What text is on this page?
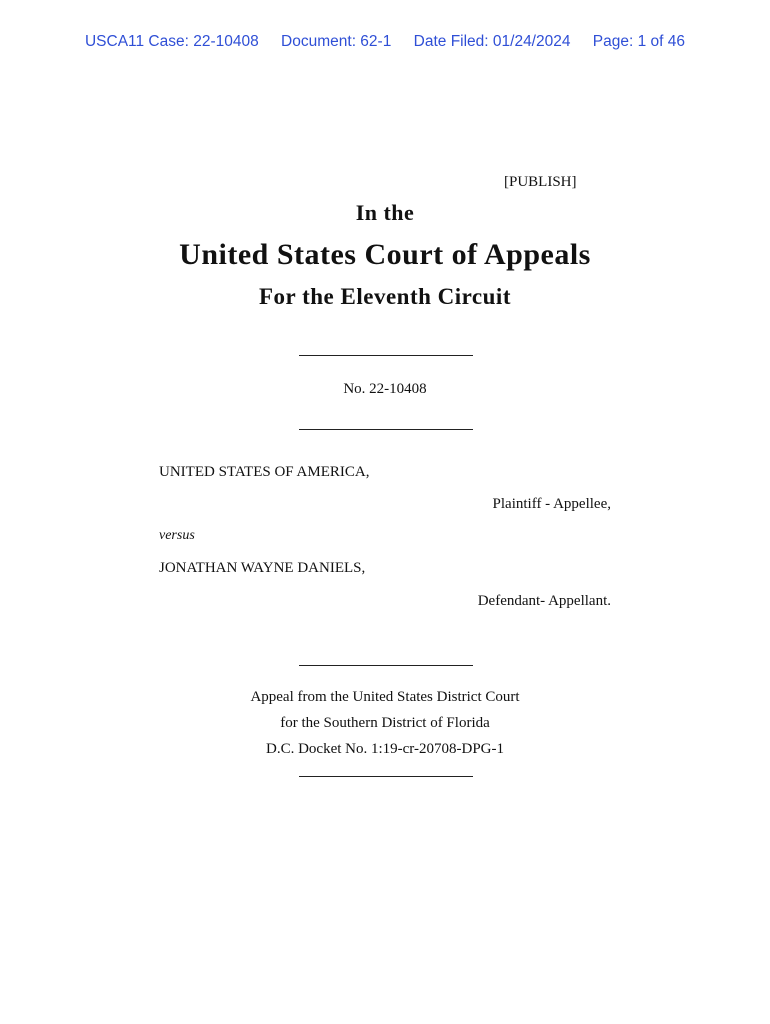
USCA11 Case: 22-10408 Document: 62-1 Date Filed: 01/24/2024 Page: 1 of 46
[PUBLISH]
In the
United States Court of Appeals
For the Eleventh Circuit
No. 22-10408
UNITED STATES OF AMERICA,
Plaintiff - Appellee,
versus
JONATHAN WAYNE DANIELS,
Defendant- Appellant.
Appeal from the United States District Court
for the Southern District of Florida
D.C. Docket No. 1:19-cr-20708-DPG-1
